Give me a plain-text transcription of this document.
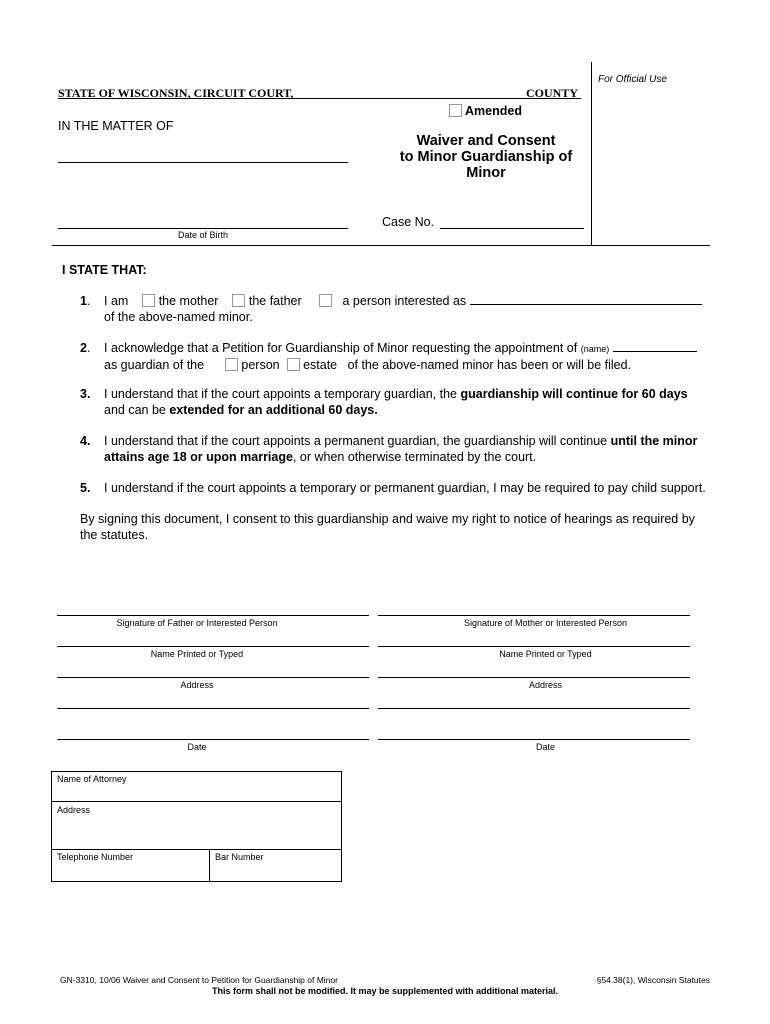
For Official Use
STATE OF WISCONSIN, CIRCUIT COURT,	COUNTY
Amended
IN THE MATTER OF
Waiver and Consent
to Minor Guardianship of
Minor
Date of Birth
Case No.
I STATE THAT:
1. I am the mother the father	a person interested as
of the above-named minor.
2. I acknowledge that a Petition for Guardianship of Minor requesting the appointment of (name)
as guardian of the	person estate of the above-named minor has been or will be filed.
3. I understand that if the court appoints a temporary guardian, the guardianship will continue for 60 days
and can be extended for an additional 60 days.
4. I understand that if the court appoints a permanent guardian, the guardianship will continue until the minor
attains age 18 or upon marriage, or when otherwise terminated by the court.
5. I understand if the court appoints a temporary or permanent guardian, I may be required to pay child support.
By signing this document, I consent to this guardianship and waive my right to notice of hearings as required by
the statutes.
Signature of Father or Interested Person
Name Printed or Typed
Address
Date
Signature of Mother or Interested Person
Name Printed or Typed
Address
Date
Name of Attorney
Address
Telephone Number	Bar Number
GN-3310, 10/06 Waiver and Consent to Petition for Guardianship of Minor	§54.38(1), Wisconsin Statutes
This form shall not be modified. It may be supplemented with additional material.
